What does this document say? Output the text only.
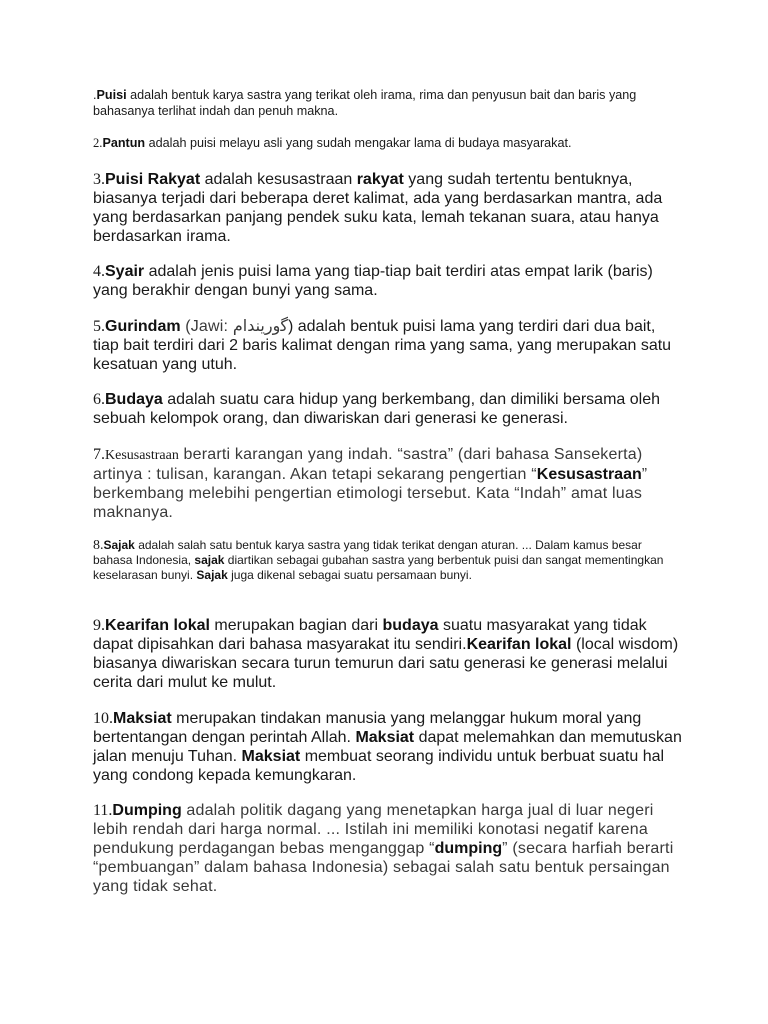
.Puisi adalah bentuk karya sastra yang terikat oleh irama, rima dan penyusun bait dan baris yang bahasanya terlihat indah dan penuh makna.

2.Pantun adalah puisi melayu asli yang sudah mengakar lama di budaya masyarakat.

3.Puisi Rakyat adalah kesusastraan rakyat yang sudah tertentu bentuknya, biasanya terjadi dari beberapa deret kalimat, ada yang berdasarkan mantra, ada yang berdasarkan panjang pendek suku kata, lemah tekanan suara, atau hanya berdasarkan irama.

4.Syair adalah jenis puisi lama yang tiap-tiap bait terdiri atas empat larik (baris) yang berakhir dengan bunyi yang sama.

5.Gurindam (Jawi: ﮔورينداﻡ) adalah bentuk puisi lama yang terdiri dari dua bait, tiap bait terdiri dari 2 baris kalimat dengan rima yang sama, yang merupakan satu kesatuan yang utuh.

6.Budaya adalah suatu cara hidup yang berkembang, dan dimiliki bersama oleh sebuah kelompok orang, dan diwariskan dari generasi ke generasi.

7.Kesusastraan berarti karangan yang indah. “sastra” (dari bahasa Sansekerta) artinya : tulisan, karangan. Akan tetapi sekarang pengertian “Kesusastraan” berkembang melebihi pengertian etimologi tersebut. Kata “Indah” amat luas maknanya.

8.Sajak adalah salah satu bentuk karya sastra yang tidak terikat dengan aturan. ... Dalam kamus besar bahasa Indonesia, sajak diartikan sebagai gubahan sastra yang berbentuk puisi dan sangat mementingkan keselarasan bunyi. Sajak juga dikenal sebagai suatu persamaan bunyi.

9.Kearifan lokal merupakan bagian dari budaya suatu masyarakat yang tidak dapat dipisahkan dari bahasa masyarakat itu sendiri.Kearifan lokal (local wisdom) biasanya diwariskan secara turun temurun dari satu generasi ke generasi melalui cerita dari mulut ke mulut.

10.Maksiat merupakan tindakan manusia yang melanggar hukum moral yang bertentangan dengan perintah Allah. Maksiat dapat melemahkan dan memutuskan jalan menuju Tuhan. Maksiat membuat seorang individu untuk berbuat suatu hal yang condong kepada kemungkaran.

11.Dumping adalah politik dagang yang menetapkan harga jual di luar negeri lebih rendah dari harga normal. ... Istilah ini memiliki konotasi negatif karena pendukung perdagangan bebas menganggap “dumping” (secara harfiah berarti “pembuangan” dalam bahasa Indonesia) sebagai salah satu bentuk persaingan yang tidak sehat.
